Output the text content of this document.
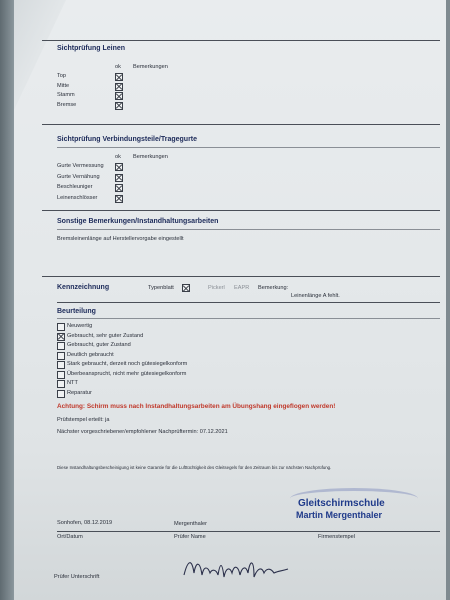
Sichtprüfung Leinen
ok Bemerkungen
Top
Mitte
Stamm
Bremse
Sichtprüfung Verbindungsteile/Tragegurte
ok Bemerkungen
Gurte Vermessung
Gurte Vernähung
Beschleuniger
Leinenschlösser
Sonstige Bemerkungen/Instandhaltungsarbeiten
Bremsleinenlänge auf Herstellervorgabe eingestellt
Kennzeichnung	Typenblatt	Pickerl EAPR Bemerkung:
Leinenlänge A fehlt.
Beurteilung
Neuwertig
Gebraucht, sehr guter Zustand
Gebraucht, guter Zustand
Deutlich gebraucht
Stark gebraucht, derzeit noch gütesiegelkonform
Überbeansprucht, nicht mehr gütesiegelkonform
NTT
Reparatur
Achtung: Schirm muss nach Instandhaltungsarbeiten am Übungshang eingeflogen werden!
Prüfstempel erteilt: ja
Nächster vorgeschriebener/empfohlener Nachprüftermin: 07.12.2021
Diese Instandhaltungsbescheinigung ist keine Garantie für die Lufttüchtigkeit des Gleitsegels für den Zeitraum bis zur nächsten Nachprüfung.
Gleitschirmschule
Martin Mergenthaler
Sonhofen, 08.12.2019	Mergenthaler
Ort/Datum	Prüfer Name	Firmenstempel
Prüfer Unterschrift
